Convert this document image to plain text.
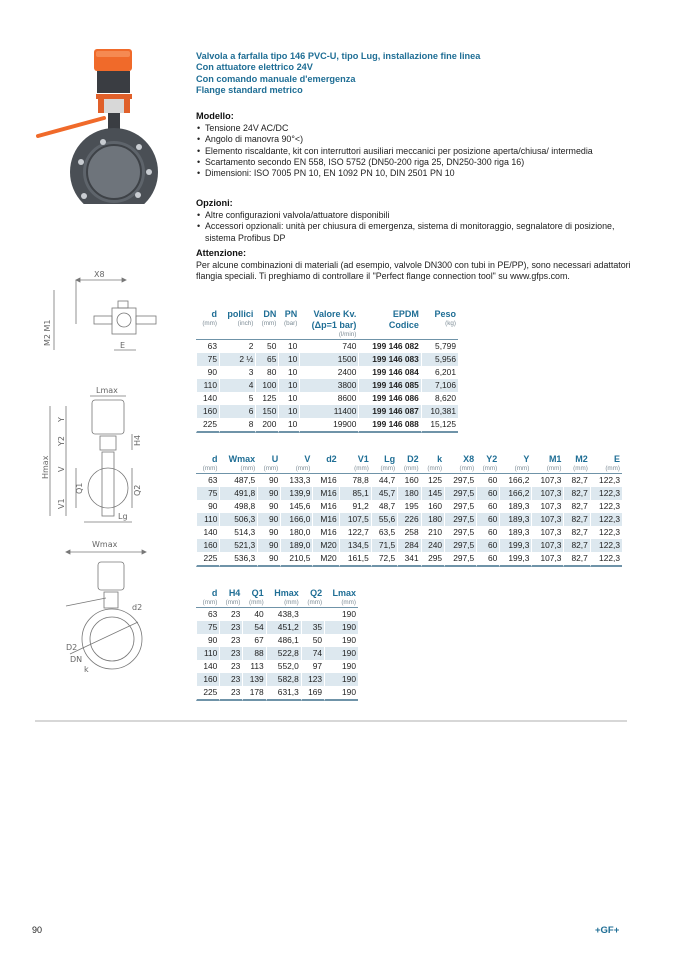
X8
E
M2 M1
Lmax
Lg
Hmax
Y
Y2
V
V1
Q1	Q2
H4
Wmax
d2
D2
DN
k
Valvola a farfalla tipo 146 PVC-U, tipo Lug, installazione fine linea
Con attuatore elettrico 24V
Con comando manuale d'emergenza
Flange standard metrico
Modello:
• Tensione 24V AC/DC
• Angolo di manovra 90°<)
• Elemento riscaldante, kit con interruttori ausiliari meccanici per posizione aperta/chiusa/ intermedia
• Scartamento secondo EN 558, ISO 5752 (DN50-200 riga 25, DN250-300 riga 16)
• Dimensioni: ISO 7005 PN 10, EN 1092 PN 10, DIN 2501 PN 10
Opzioni:
• Altre configurazioni valvola/attuatore disponibili
• Accessori opzionali: unità per chiusura di emergenza, sistema di monitoraggio, segnalatore di posizione, sistema Profibus DP
Attenzione:

Per alcune combinazioni di materiali (ad esempio, valvole DN300 con tubi in PE/PP), sono necessari adattatori flangia speciali. Ti preghiamo di controllare il "Perfect flange connection tool" su www.gfps.com.

d
(mm)	pollici
(inch)	DN
(mm)	PN
(bar)	Valore Kv.
(Δp=1 bar)
(l/min)	EPDM
Codice	Peso
(kg)

63	2	50	10	740	199 146 082	5,799
75	2 ½	65	10	1500	199 146 083	5,956
90	3	80	10	2400	199 146 084	6,201
110	4	100	10	3800	199 146 085	7,106
140	5	125	10	8600	199 146 086	8,620
160	6	150	10	11400	199 146 087	10,381
225	8	200	10	19900	199 146 088	15,125
d
(mm)	Wmax
(mm)	U
(mm)	V
(mm)	d2	V1
(mm)	Lg
(mm)	D2
(mm)	k
(mm)	X8
(mm)	Y2
(mm)	Y
(mm)	M1
(mm)	M2
(mm)	E
(mm)

63	487,5	90	133,3	M16	78,8	44,7	160	125	297,5	60	166,2	107,3	82,7	122,3
75	491,8	90	139,9	M16	85,1	45,7	180	145	297,5	60	166,2	107,3	82,7	122,3
90	498,8	90	145,6	M16	91,2	48,7	195	160	297,5	60	189,3	107,3	82,7	122,3
110	506,3	90	166,0	M16	107,5	55,6	226	180	297,5	60	189,3	107,3	82,7	122,3
140	514,3	90	180,0	M16	122,7	63,5	258	210	297,5	60	189,3	107,3	82,7	122,3
160	521,3	90	189,0	M20	134,5	71,5	284	240	297,5	60	199,3	107,3	82,7	122,3
225	536,3	90	210,5	M20	161,5	72,5	341	295	297,5	60	199,3	107,3	82,7	122,3
d
(mm)	H4
(mm)	Q1
(mm)	Hmax
(mm)	Q2
(mm)	Lmax
(mm)

63	23	40	438,3		190
75	23	54	451,2	35	190
90	23	67	486,1	50	190
110	23	88	522,8	74	190
140	23	113	552,0	97	190
160	23	139	582,8	123	190
225	23	178	631,3	169	190
90	+GF+
